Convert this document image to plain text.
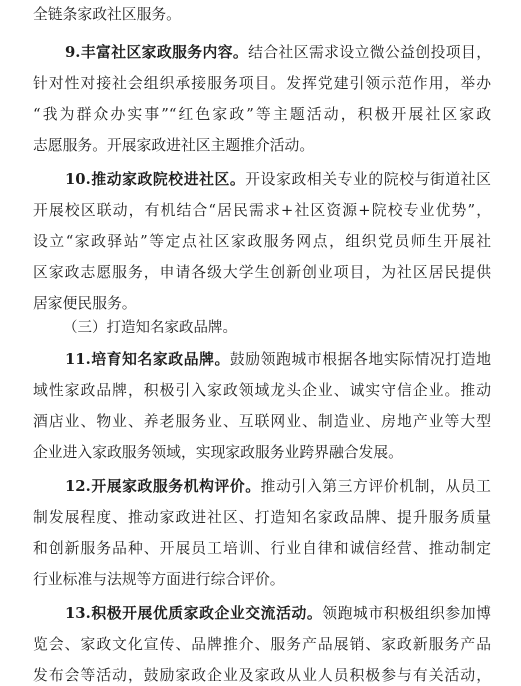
全链条家政社区服务。
9.丰富社区家政服务内容。结合社区需求设立微公益创投项目，
针对性对接社会组织承接服务项目。发挥党建引领示范作用，举办
“我为群众办实事”“红色家政”等主题活动，积极开展社区家政
志愿服务。开展家政进社区主题推介活动。
10.推动家政院校进社区。开设家政相关专业的院校与街道社区
开展校区联动，有机结合“居民需求+社区资源+院校专业优势”，
设立“家政驿站”等定点社区家政服务网点，组织党员师生开展社
区家政志愿服务，申请各级大学生创新创业项目，为社区居民提供
居家便民服务。
（三）打造知名家政品牌。
11.培育知名家政品牌。鼓励领跑城市根据各地实际情况打造地
域性家政品牌，积极引入家政领域龙头企业、诚实守信企业。推动
酒店业、物业、养老服务业、互联网业、制造业、房地产业等大型
企业进入家政服务领域，实现家政服务业跨界融合发展。
12.开展家政服务机构评价。推动引入第三方评价机制，从员工
制发展程度、推动家政进社区、打造知名家政品牌、提升服务质量
和创新服务品种、开展员工培训、行业自律和诚信经营、推动制定
行业标准与法规等方面进行综合评价。
13.积极开展优质家政企业交流活动。领跑城市积极组织参加博
览会、家政文化宣传、品牌推介、服务产品展销、家政新服务产品
发布会等活动，鼓励家政企业及家政从业人员积极参与有关活动，
